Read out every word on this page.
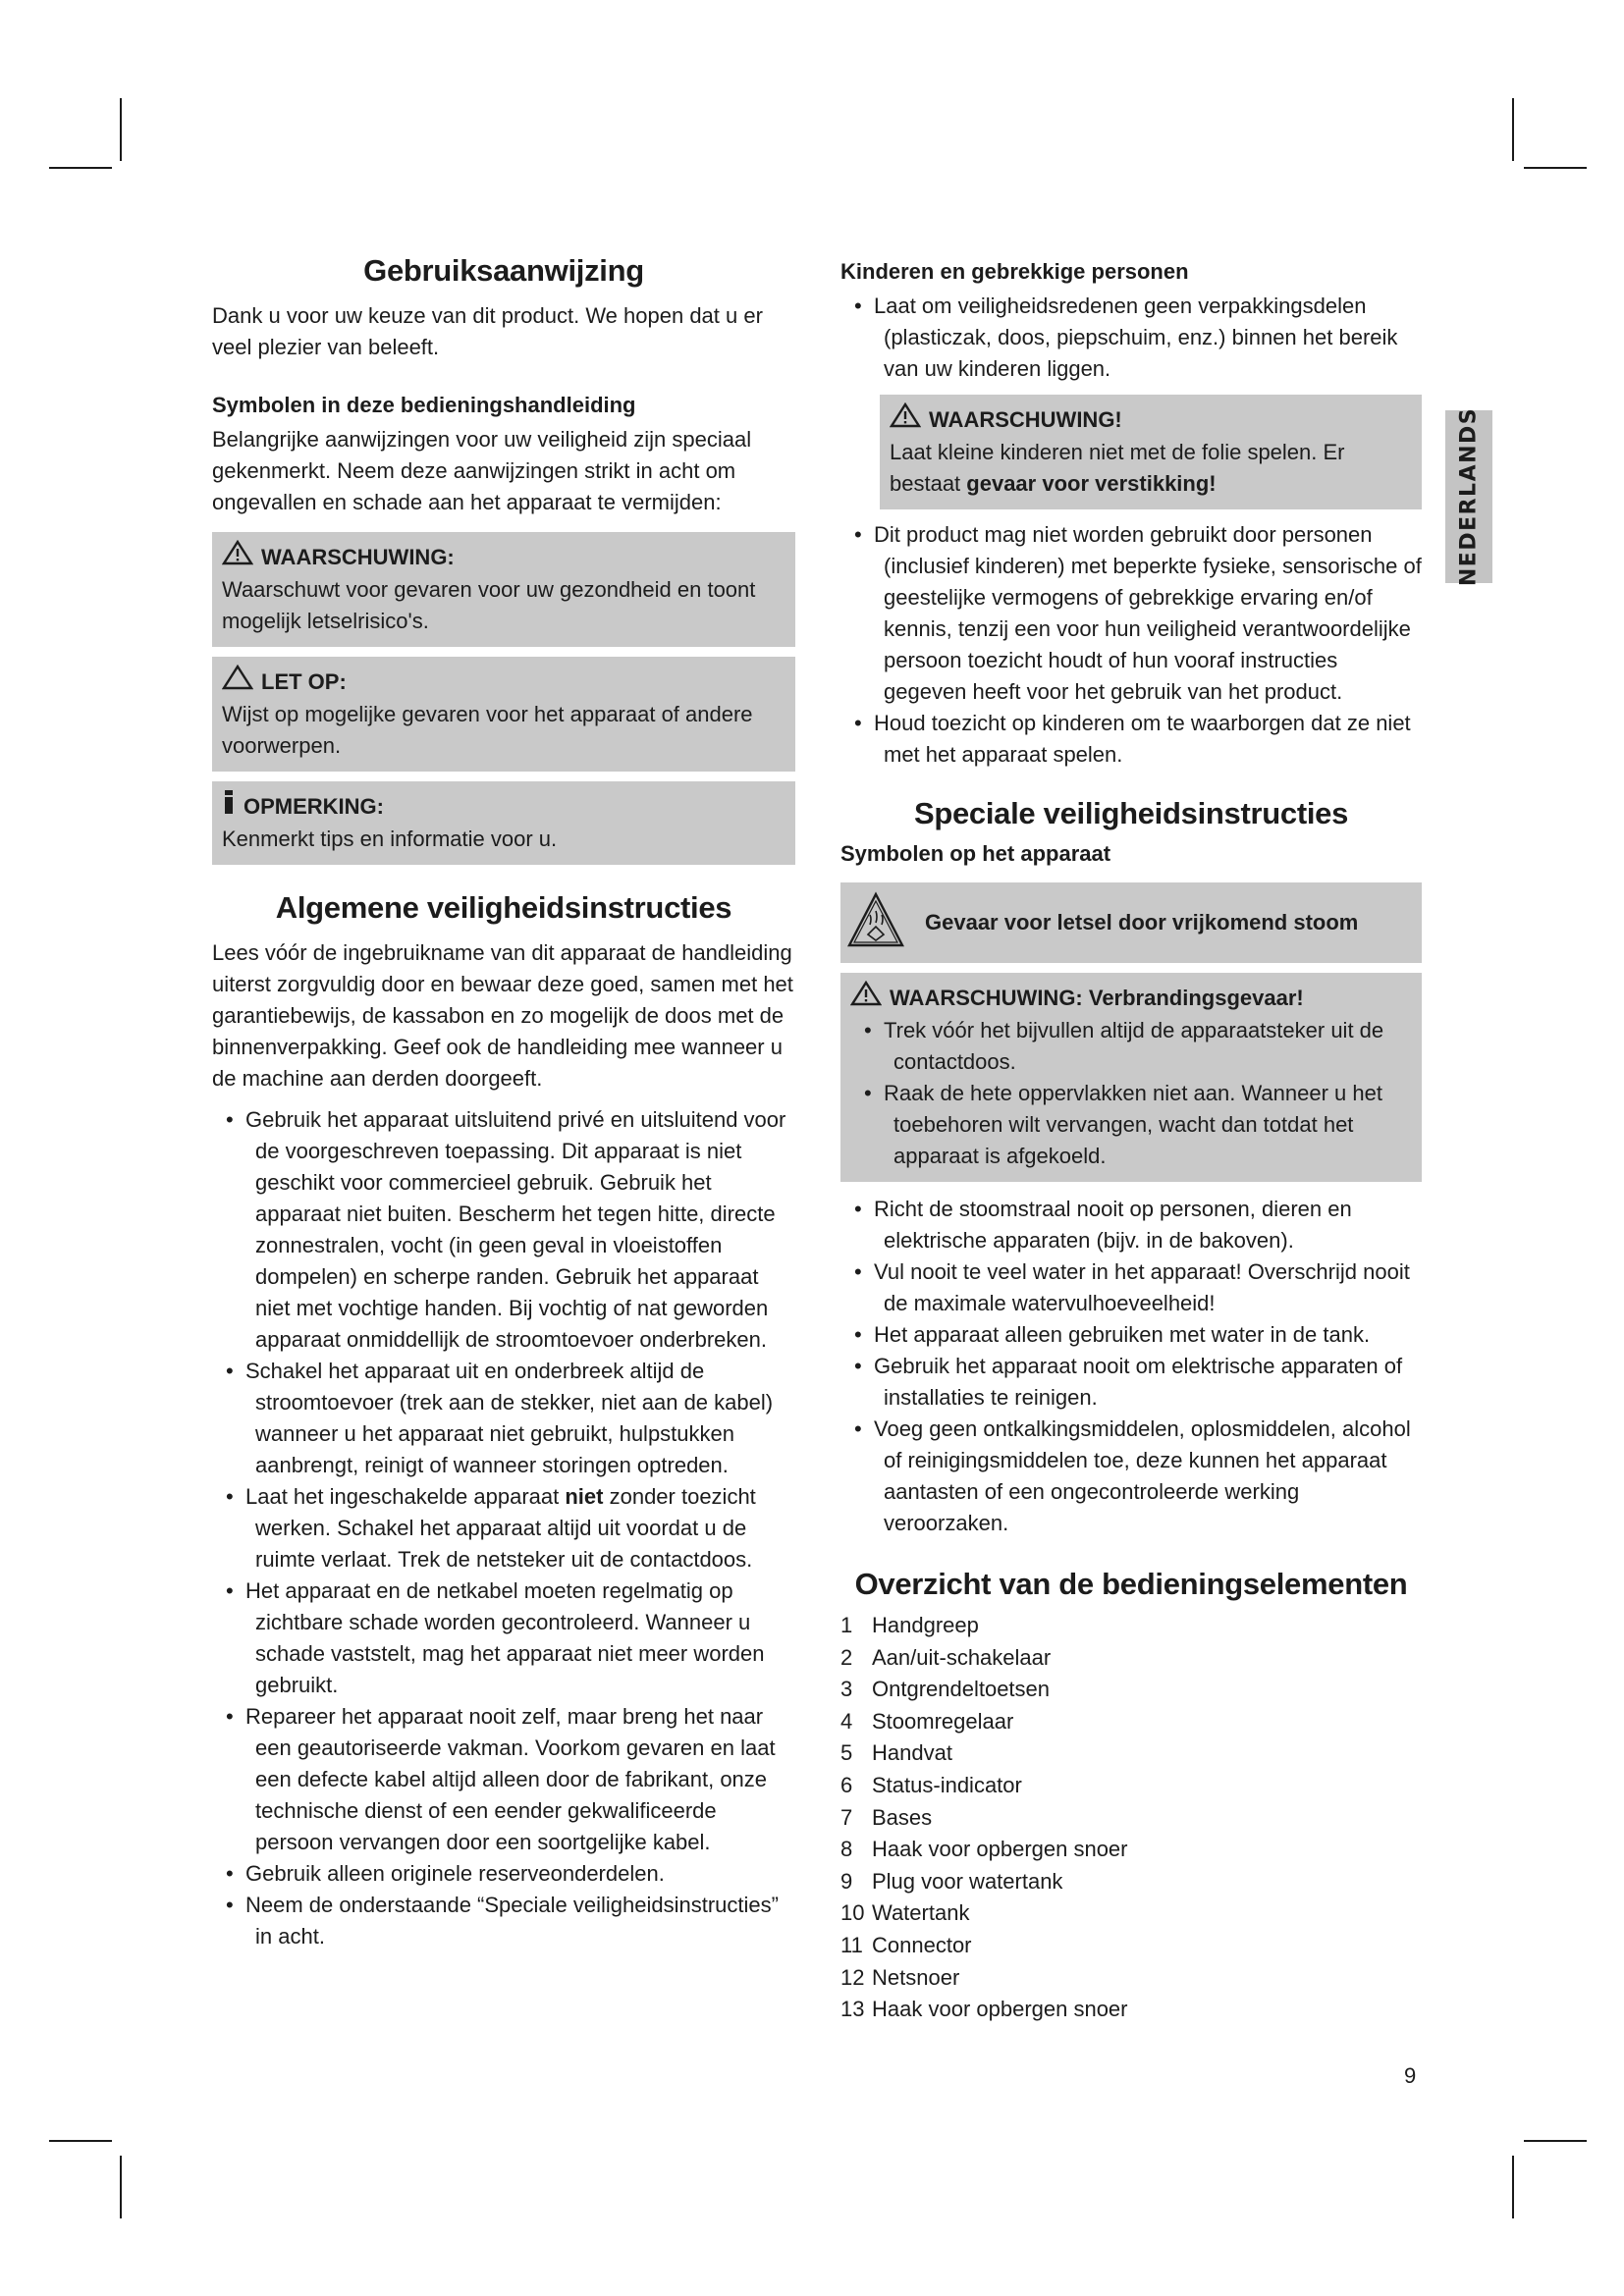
Gebruiksaanwijzing

Dank u voor uw keuze van dit product. We hopen dat u er veel plezier van beleeft.

Symbolen in deze bedieningshandleiding

Belangrijke aanwijzingen voor uw veiligheid zijn speciaal gekenmerkt. Neem deze aanwijzingen strikt in acht om ongevallen en schade aan het apparaat te vermijden:

WAARSCHUWING:

Waarschuwt voor gevaren voor uw gezondheid en toont mogelijk letselrisico's.

LET OP:

Wijst op mogelijke gevaren voor het apparaat of andere voorwerpen.

OPMERKING:

Kenmerkt tips en informatie voor u.

Algemene veiligheidsinstructies

Lees vóór de ingebruikname van dit apparaat de handleiding uiterst zorgvuldig door en bewaar deze goed, samen met het garantiebewijs, de kassabon en zo mogelijk de doos met de binnenverpakking. Geef ook de handleiding mee wanneer u de machine aan derden doorgeeft.

• Gebruik het apparaat uitsluitend privé en uitsluitend voor de voorgeschreven toepassing. Dit apparaat is niet geschikt voor commercieel gebruik. Gebruik het apparaat niet buiten. Bescherm het tegen hitte, directe zonnestralen, vocht (in geen geval in vloeistoffen dompelen) en scherpe randen. Gebruik het apparaat niet met vochtige handen. Bij vochtig of nat geworden apparaat onmiddellijk de stroomtoevoer onderbreken.
• Schakel het apparaat uit en onderbreek altijd de stroomtoevoer (trek aan de stekker, niet aan de kabel) wanneer u het apparaat niet gebruikt, hulpstukken aanbrengt, reinigt of wanneer storingen optreden.
• Laat het ingeschakelde apparaat niet zonder toezicht werken. Schakel het apparaat altijd uit voordat u de ruimte verlaat. Trek de netsteker uit de contactdoos.
• Het apparaat en de netkabel moeten regelmatig op zichtbare schade worden gecontroleerd. Wanneer u schade vaststelt, mag het apparaat niet meer worden gebruikt.
• Repareer het apparaat nooit zelf, maar breng het naar een geautoriseerde vakman. Voorkom gevaren en laat een defecte kabel altijd alleen door de fabrikant, onze technische dienst of een eender gekwalificeerde persoon vervangen door een soortgelijke kabel.
• Gebruik alleen originele reserveonderdelen.
• Neem de onderstaande “Speciale veiligheidsinstructies” in acht.
Kinderen en gebrekkige personen
• Laat om veiligheidsredenen geen verpakkingsdelen (plasticzak, doos, piepschuim, enz.) binnen het bereik van uw kinderen liggen.
WAARSCHUWING!

Laat kleine kinderen niet met de folie spelen. Er bestaat gevaar voor verstikking!

• Dit product mag niet worden gebruikt door personen (inclusief kinderen) met beperkte fysieke, sensorische of geestelijke vermogens of gebrekkige ervaring en/of kennis, tenzij een voor hun veiligheid verantwoordelijke persoon toezicht houdt of hun vooraf instructies gegeven heeft voor het gebruik van het product.
• Houd toezicht op kinderen om te waarborgen dat ze niet met het apparaat spelen.
Speciale veiligheidsinstructies
Symbolen op het apparaat
Gevaar voor letsel door vrijkomend stoom
WAARSCHUWING: Verbrandingsgevaar!
• Trek vóór het bijvullen altijd de apparaatsteker uit de contactdoos.
• Raak de hete oppervlakken niet aan. Wanneer u het toebehoren wilt vervangen, wacht dan totdat het apparaat is afgekoeld.
• Richt de stoomstraal nooit op personen, dieren en elektrische apparaten (bijv. in de bakoven).
• Vul nooit te veel water in het apparaat! Overschrijd nooit de maximale watervulhoeveelheid!
• Het apparaat alleen gebruiken met water in de tank.
• Gebruik het apparaat nooit om elektrische apparaten of installaties te reinigen.
• Voeg geen ontkalkingsmiddelen, oplosmiddelen, alcohol of reinigingsmiddelen toe, deze kunnen het apparaat aantasten of een ongecontroleerde werking veroorzaken.
Overzicht van de bedieningselementen
1 Handgreep
2 Aan/uit-schakelaar
3 Ontgrendeltoetsen
4 Stoomregelaar
5 Handvat
6 Status-indicator
7 Bases
8 Haak voor opbergen snoer
9 Plug voor watertank
10 Watertank
11 Connector
12 Netsnoer
13 Haak voor opbergen snoer
NEDERLANDS
9
